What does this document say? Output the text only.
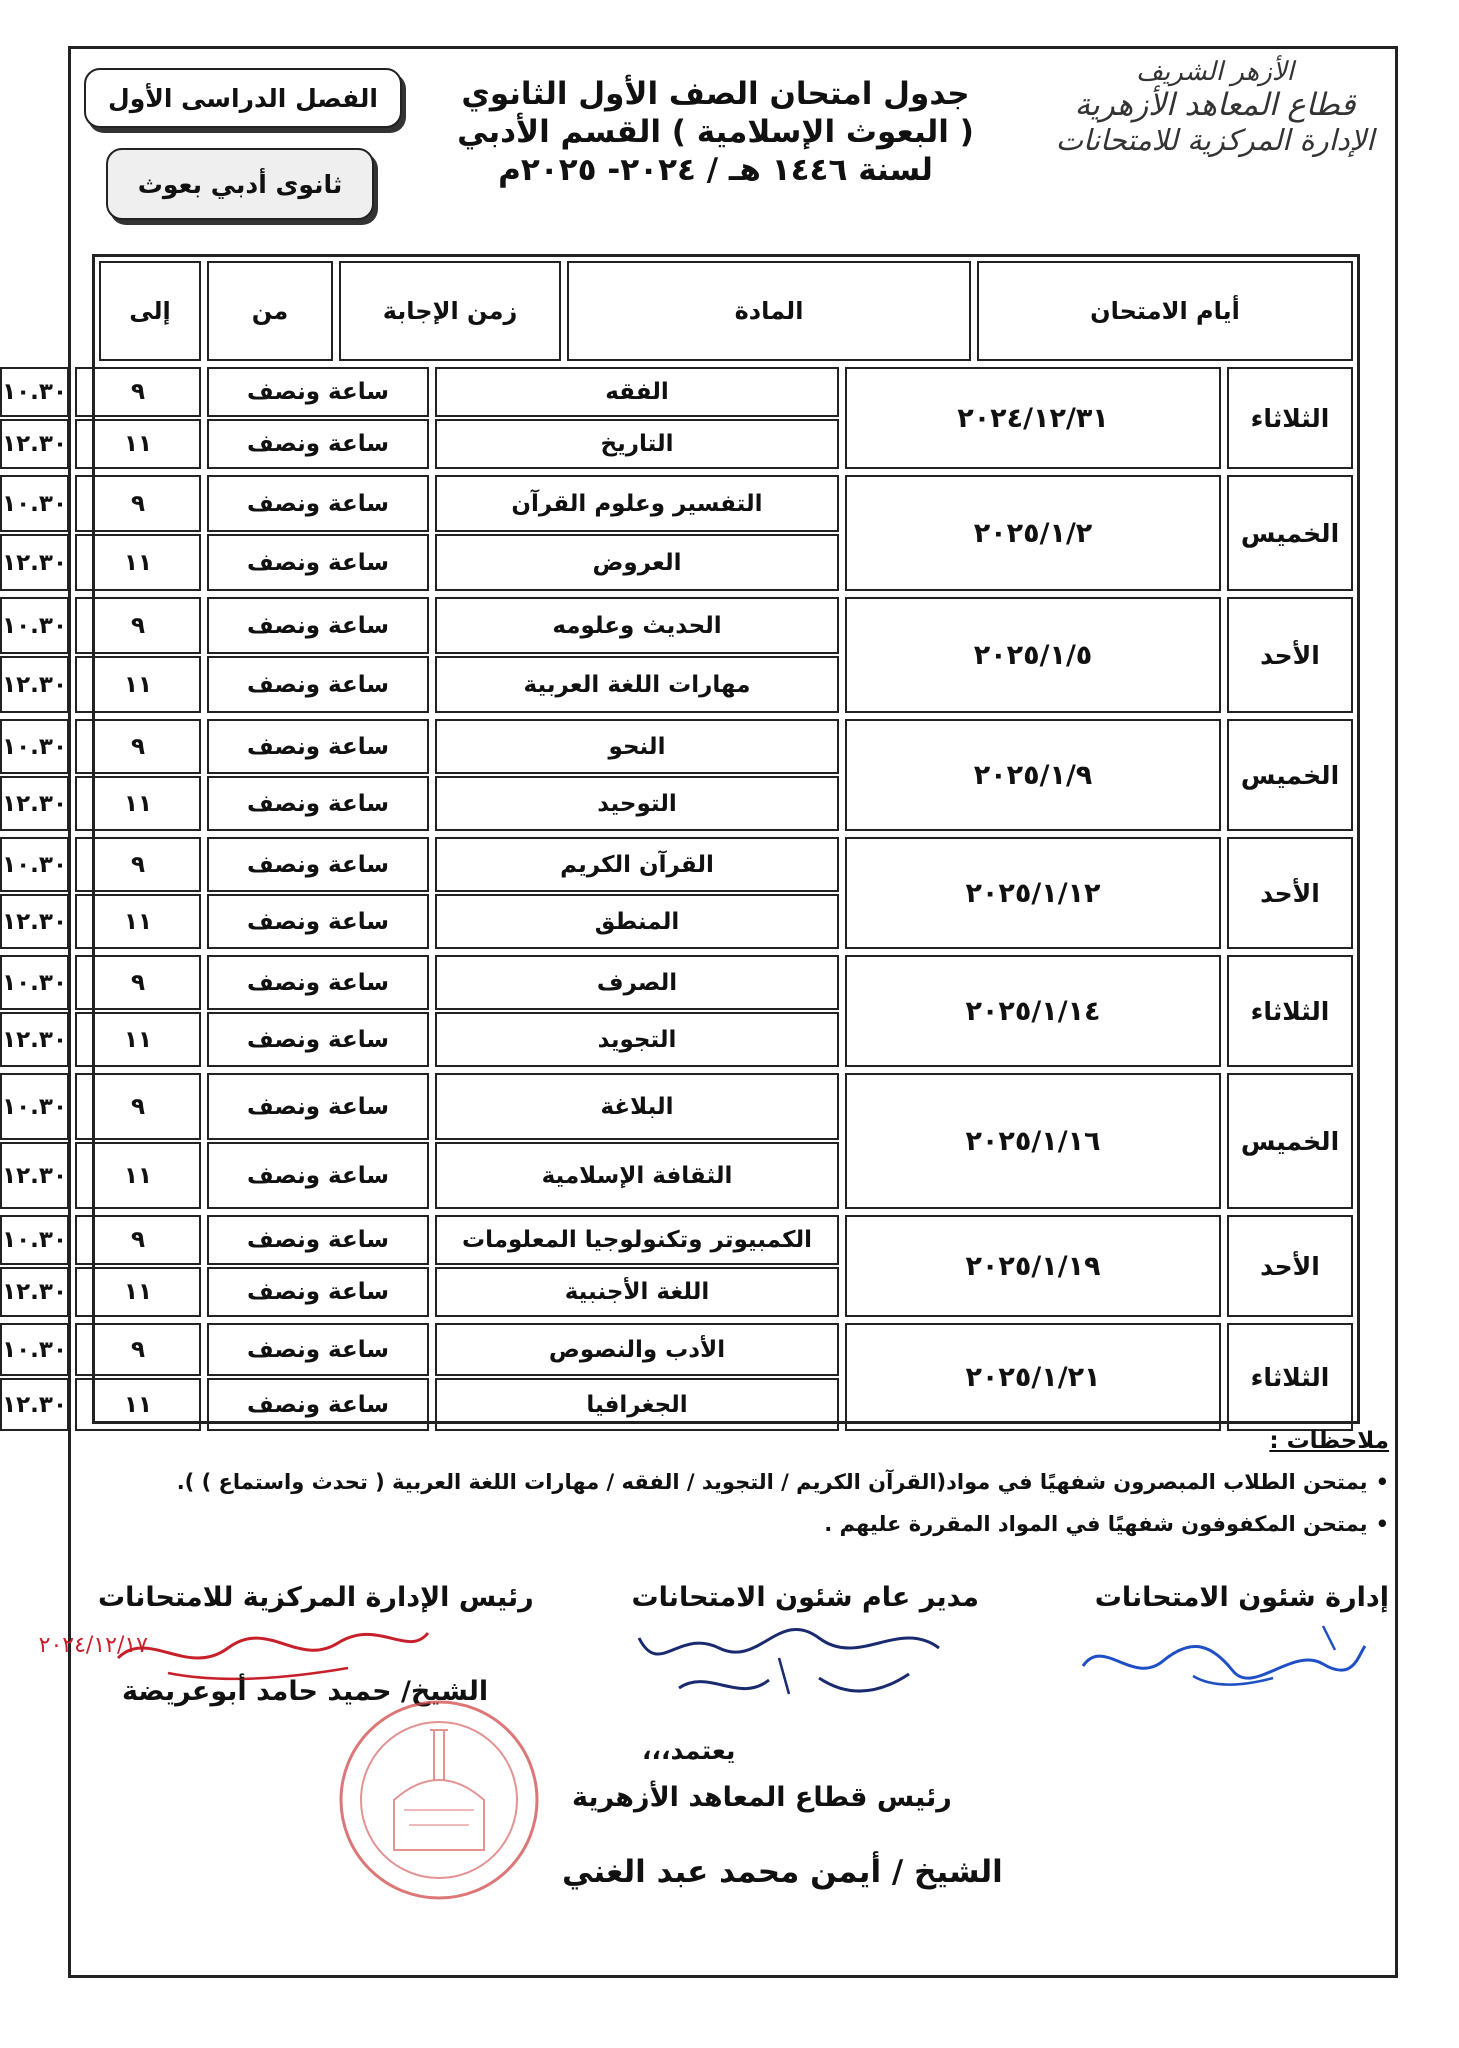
الأزهر الشريف
قطاع المعاهد الأزهرية
الإدارة المركزية للامتحانات
جدول امتحان الصف الأول الثانوي
( البعوث الإسلامية ) القسم الأدبي
لسنة ١٤٤٦ هـ / ٢٠٢٤- ٢٠٢٥م
الفصل الدراسى الأول
ثانوى أدبي بعوث
أيام الامتحان
المادة
زمن الإجابة
من
إلى
الثلاثاء
٢٠٢٤/١٢/٣١
الفقه
ساعة ونصف
٩
١٠.٣٠
التاريخ
ساعة ونصف
١١
١٢.٣٠
الخميس
٢٠٢٥/١/٢
التفسير وعلوم القرآن
ساعة ونصف
٩
١٠.٣٠
العروض
ساعة ونصف
١١
١٢.٣٠
الأحد
٢٠٢٥/١/٥
الحديث وعلومه
ساعة ونصف
٩
١٠.٣٠
مهارات اللغة العربية
ساعة ونصف
١١
١٢.٣٠
الخميس
٢٠٢٥/١/٩
النحو
ساعة ونصف
٩
١٠.٣٠
التوحيد
ساعة ونصف
١١
١٢.٣٠
الأحد
٢٠٢٥/١/١٢
القرآن الكريم
ساعة ونصف
٩
١٠.٣٠
المنطق
ساعة ونصف
١١
١٢.٣٠
الثلاثاء
٢٠٢٥/١/١٤
الصرف
ساعة ونصف
٩
١٠.٣٠
التجويد
ساعة ونصف
١١
١٢.٣٠
الخميس
٢٠٢٥/١/١٦
البلاغة
ساعة ونصف
٩
١٠.٣٠
الثقافة الإسلامية
ساعة ونصف
١١
١٢.٣٠
الأحد
٢٠٢٥/١/١٩
الكمبيوتر وتكنولوجيا المعلومات
ساعة ونصف
٩
١٠.٣٠
اللغة الأجنبية
ساعة ونصف
١١
١٢.٣٠
الثلاثاء
٢٠٢٥/١/٢١
الأدب والنصوص
ساعة ونصف
٩
١٠.٣٠
الجغرافيا
ساعة ونصف
١١
١٢.٣٠
ملاحظات :
• يمتحن الطلاب المبصرون شفهيًا في مواد(القرآن الكريم / التجويد / الفقه / مهارات اللغة العربية ( تحدث واستماع ) ).
• يمتحن المكفوفون شفهيًا في المواد المقررة عليهم .
إدارة شئون الامتحانات
مدير عام شئون الامتحانات
رئيس الإدارة المركزية للامتحانات
٢٠٢٤/١٢/١٧
الشيخ/ حميد حامد أبوعريضة
يعتمد،،،
رئيس قطاع المعاهد الأزهرية
الشيخ / أيمن محمد عبد الغني
